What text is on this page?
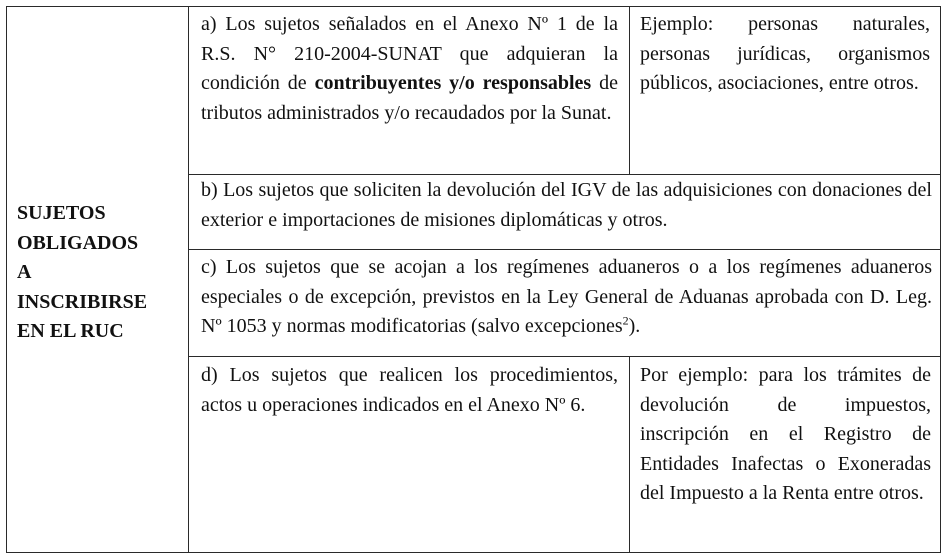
SUJETOS
OBLIGADOS
A
INSCRIBIRSE
EN EL RUC
a) Los sujetos señalados en el Anexo Nº 1 de la R.S. N° 210-2004-SUNAT que adquieran la condición de contribuyentes y/o responsables de tributos administrados y/o recaudados por la Sunat.
Ejemplo: personas naturales, personas jurídicas, organismos públicos, asociaciones, entre otros.
b) Los sujetos que soliciten la devolución del IGV de las adquisiciones con donaciones del exterior e importaciones de misiones diplomáticas y otros.
c) Los sujetos que se acojan a los regímenes aduaneros o a los regímenes aduaneros especiales o de excepción, previstos en la Ley General de Aduanas aprobada con D. Leg. Nº 1053 y normas modificatorias (salvo excepciones$^2$).
d) Los sujetos que realicen los procedimientos, actos u operaciones indicados en el Anexo Nº 6.
Por ejemplo: para los trámites de devolución de impuestos, inscripción en el Registro de Entidades Inafectas o Exoneradas del Impuesto a la Renta entre otros.
